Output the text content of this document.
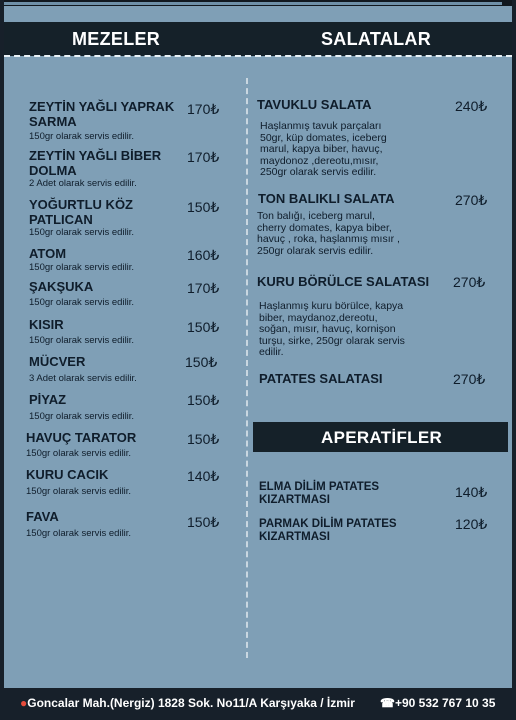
MEZELER	SALATALAR
ZEYTİN YAĞLI YAPRAK
SARMA
170₺
150gr olarak servis edilir.
ZEYTİN YAĞLI BİBER
DOLMA
170₺
2 Adet olarak servis edilir.
YOĞURTLU KÖZ
PATLICAN
150₺
150gr olarak servis edilir.
ATOM	160₺
150gr olarak servis edilir.
ŞAKŞUKA	170₺
150gr olarak servis edilir.
KISIR	150₺
150gr olarak servis edilir.
MÜCVER	150₺
3 Adet olarak servis edilir.
PİYAZ	150₺
150gr olarak servis edilir.
HAVUÇ TARATOR	150₺
150gr olarak servis edilir.
KURU CACIK	140₺
150gr olarak servis edilir.
FAVA	150₺
150gr olarak servis edilir.
TAVUKLU SALATA	240₺
Haşlanmış tavuk parçaları
50gr, küp domates, iceberg
marul, kapya biber, havuç,
maydonoz ,dereotu,mısır,
250gr olarak servis edilir.
TON BALIKLI SALATA	270₺
Ton balığı, iceberg marul,
cherry domates, kapya biber,
havuç , roka, haşlanmış mısır ,
250gr olarak servis edilir.
KURU BÖRÜLCE SALATASI 270₺
Haşlanmış kuru börülce, kapya
biber, maydanoz,dereotu,
soğan, mısır, havuç, kornişon
turşu, sirke, 250gr olarak servis
edilir.
PATATES SALATASI	270₺
APERATİFLER
ELMA DİLİM PATATES
KIZARTMASI	140₺
PARMAK DİLİM PATATES
KIZARTMASI
120₺
●Goncalar Mah.(Nergiz) 1828 Sok. No11/A Karşıyaka / İzmir ☎+90 532 767 10 35
